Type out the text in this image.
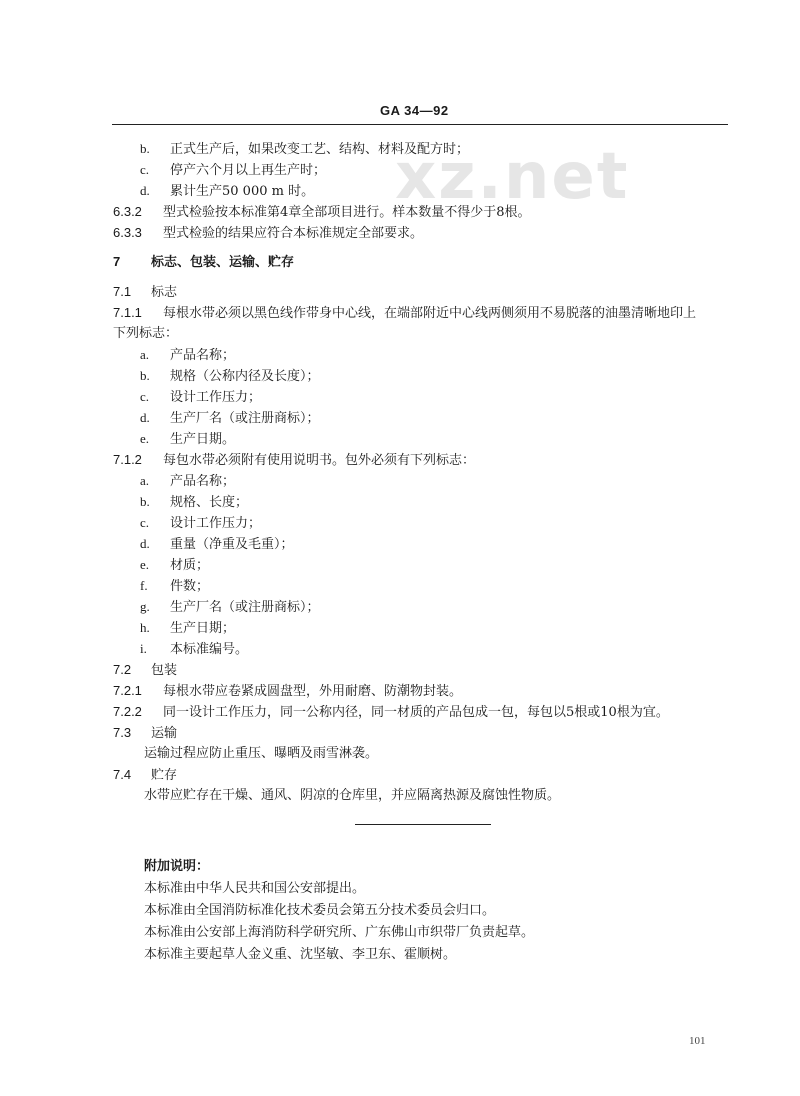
xz.net
GA 34—92
b. 正式生产后，如果改变工艺、结构、材料及配方时；
c. 停产六个月以上再生产时；
d. 累计生产50 000 m 时。
6.3.2 型式检验按本标准第4章全部项目进行。样本数量不得少于8根。
6.3.3 型式检验的结果应符合本标准规定全部要求。
7 标志、包装、运输、贮存
7.1 标志
7.1.1 每根水带必须以黑色线作带身中心线，在端部附近中心线两侧须用不易脱落的油墨清晰地印上
下列标志：
a. 产品名称；
b. 规格（公称内径及长度）；
c. 设计工作压力；
d. 生产厂名（或注册商标）；
e. 生产日期。
7.1.2 每包水带必须附有使用说明书。包外必须有下列标志：
a. 产品名称；
b. 规格、长度；
c. 设计工作压力；
d. 重量（净重及毛重）；
e. 材质；
f. 件数；
g. 生产厂名（或注册商标）；
h. 生产日期；
i. 本标准编号。
7.2 包装
7.2.1 每根水带应卷紧成圆盘型，外用耐磨、防潮物封装。
7.2.2 同一设计工作压力，同一公称内径，同一材质的产品包成一包，每包以5根或10根为宜。
7.3 运输
运输过程应防止重压、曝晒及雨雪淋袭。
7.4 贮存
水带应贮存在干燥、通风、阴凉的仓库里，并应隔离热源及腐蚀性物质。
附加说明：
本标准由中华人民共和国公安部提出。
本标准由全国消防标准化技术委员会第五分技术委员会归口。
本标准由公安部上海消防科学研究所、广东佛山市织带厂负责起草。
本标准主要起草人金义重、沈坚敏、李卫东、霍顺树。
101
